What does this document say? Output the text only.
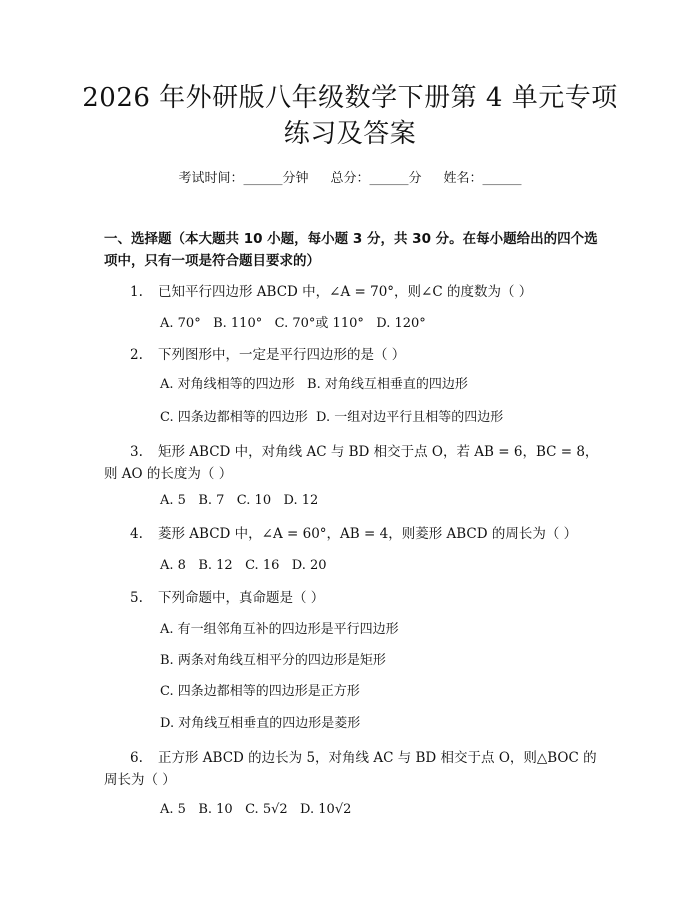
2026 年外研版八年级数学下册第 4 单元专项
练习及答案
考试时间：______分钟 总分：______分 姓名：______
一、选择题（本大题共 10 小题，每小题 3 分，共 30 分。在每小题给出的四个选项中，只有一项是符合题目要求的）
1. 已知平行四边形 ABCD 中，∠A = 70°，则∠C 的度数为（ ）
A. 70°   B. 110°   C. 70°或 110°   D. 120°
2. 下列图形中，一定是平行四边形的是（ ）
A. 对角线相等的四边形   B. 对角线互相垂直的四边形
C. 四条边都相等的四边形  D. 一组对边平行且相等的四边形
3. 矩形 ABCD 中，对角线 AC 与 BD 相交于点 O，若 AB = 6，BC = 8，则 AO 的长度为（ ）
A. 5   B. 7   C. 10   D. 12
4. 菱形 ABCD 中，∠A = 60°，AB = 4，则菱形 ABCD 的周长为（ ）
A. 8   B. 12   C. 16   D. 20
5. 下列命题中，真命题是（ ）
A. 有一组邻角互补的四边形是平行四边形
B. 两条对角线互相平分的四边形是矩形
C. 四条边都相等的四边形是正方形
D. 对角线互相垂直的四边形是菱形
6. 正方形 ABCD 的边长为 5，对角线 AC 与 BD 相交于点 O，则△BOC 的周长为（ ）
A. 5   B. 10   C. 5√2   D. 10√2
